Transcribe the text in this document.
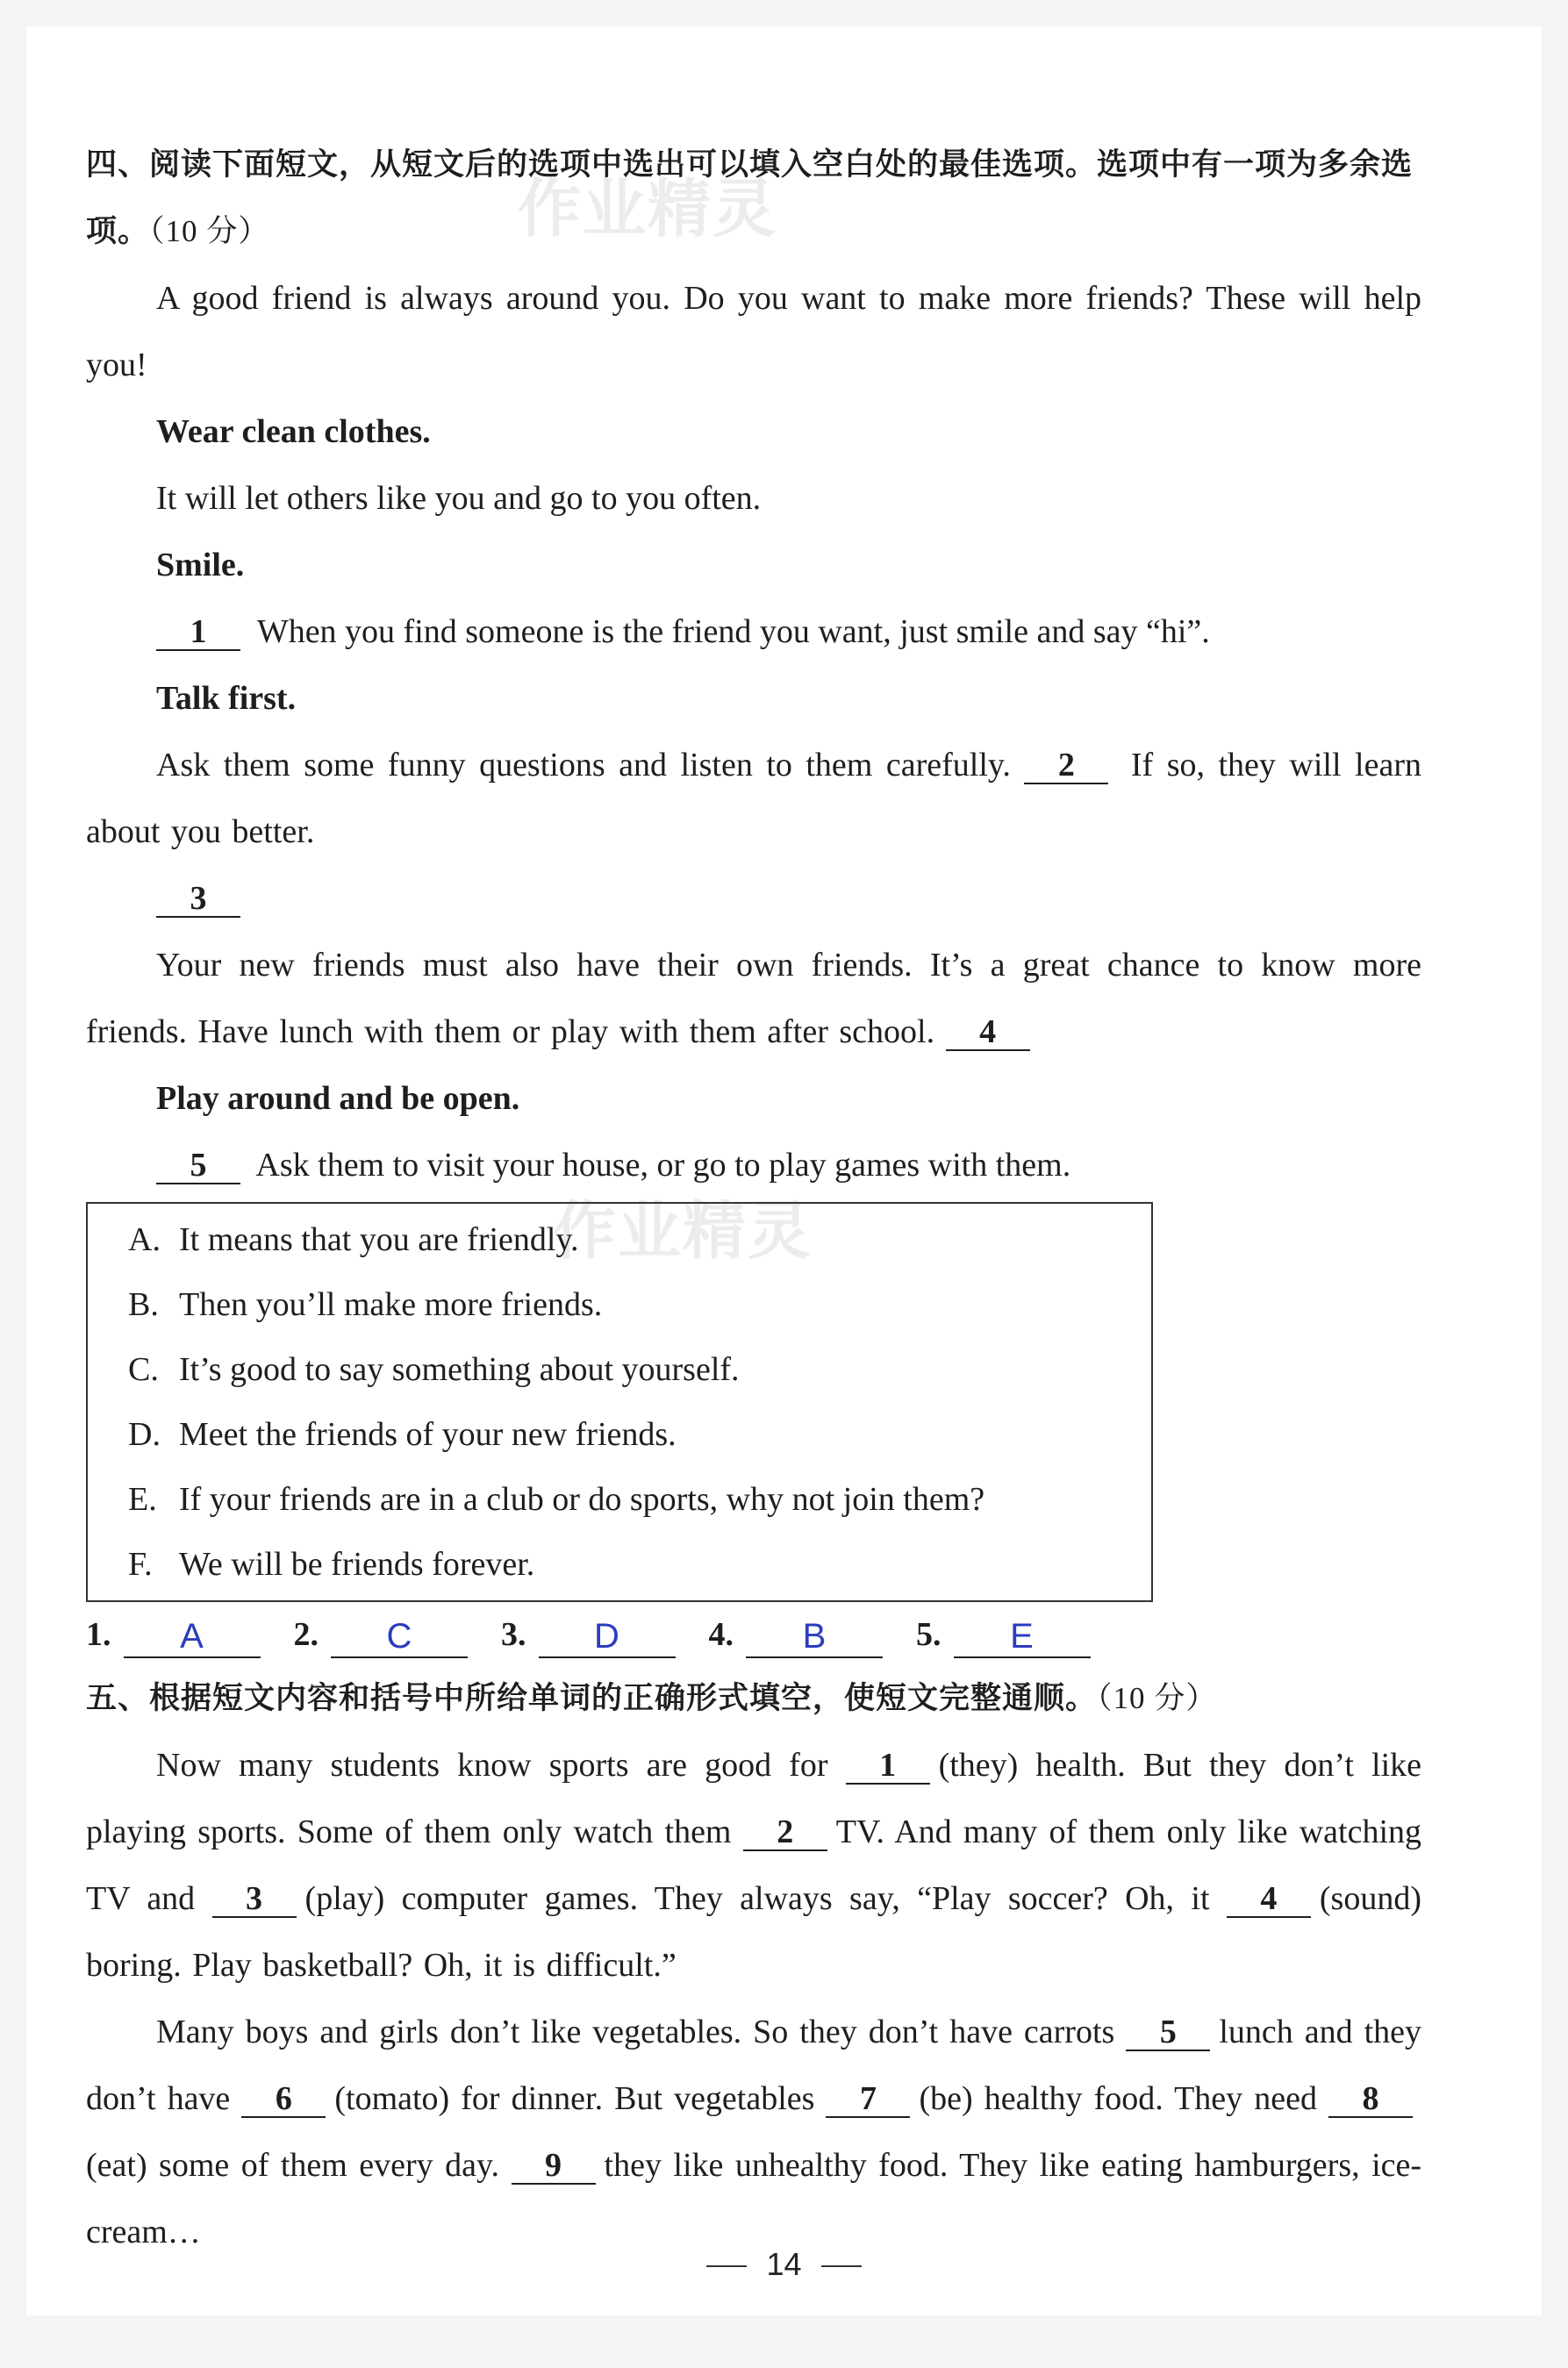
作业精灵
作业精灵
四、阅读下面短文，从短文后的选项中选出可以填入空白处的最佳选项。选项中有一项为多余选项。（10 分）

A good friend is always around you. Do you want to make more friends? These will help you!

Wear clean clothes.

It will let others like you and go to you often.

Smile.

1 When you find someone is the friend you want, just smile and say “hi”.

Talk first.

Ask them some funny questions and listen to them carefully. 2 If so, they will learn about you better.

3

Your new friends must also have their own friends. It’s a great chance to know more friends. Have lunch with them or play with them after school. 4

Play around and be open.

5 Ask them to visit your house, or go to play games with them.

A. It means that you are friendly.
B. Then you’ll make more friends.
C. It’s good to say something about yourself.
D. Meet the friends of your new friends.
E. If your friends are in a club or do sports, why not join them?
F. We will be friends forever.
1.	A	2.	C	3.	D	4.	B	5.	E
五、根据短文内容和括号中所给单词的正确形式填空，使短文完整通顺。（10 分）

Now many students know sports are good for 1 (they) health. But they don’t like playing sports. Some of them only watch them 2 TV. And many of them only like watching TV and 3 (play) computer games. They always say, “Play soccer? Oh, it 4 (sound) boring. Play basketball? Oh, it is difficult.”

Many boys and girls don’t like vegetables. So they don’t have carrots 5 lunch and they don’t have 6 (tomato) for dinner. But vegetables 7 (be) healthy food. They need 8(eat) some of them every day. 9 they like unhealthy food. They like eating hamburgers, ice-cream…

14
